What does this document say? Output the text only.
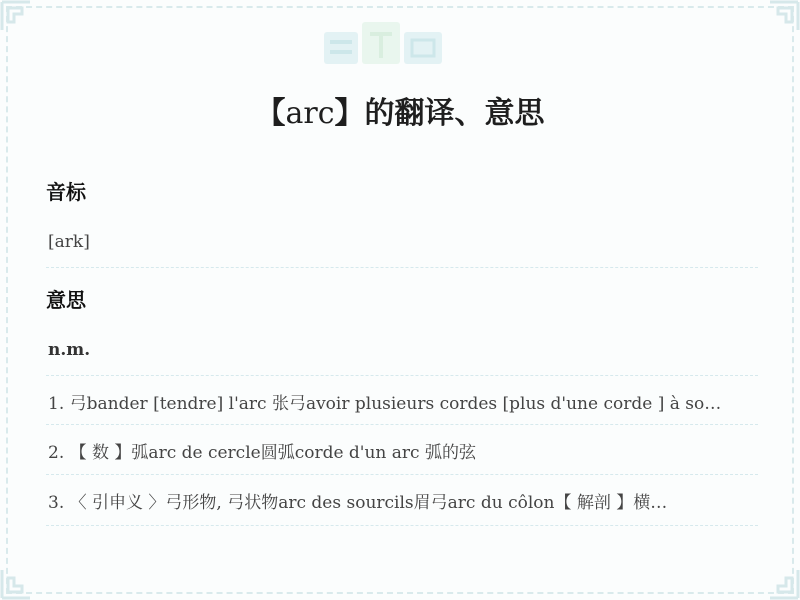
【arc】的翻译、意思
音标
[ark]
意思
n.m.
1. 弓bander [tendre] l'arc 张弓avoir plusieurs cordes [plus d'une corde ] à so…
2. 【 数 】弧arc de cercle圆弧corde d'un arc 弧的弦
3. 〈 引申义 〉弓形物, 弓状物arc des sourcils眉弓arc du côlon【 解剖 】横…
